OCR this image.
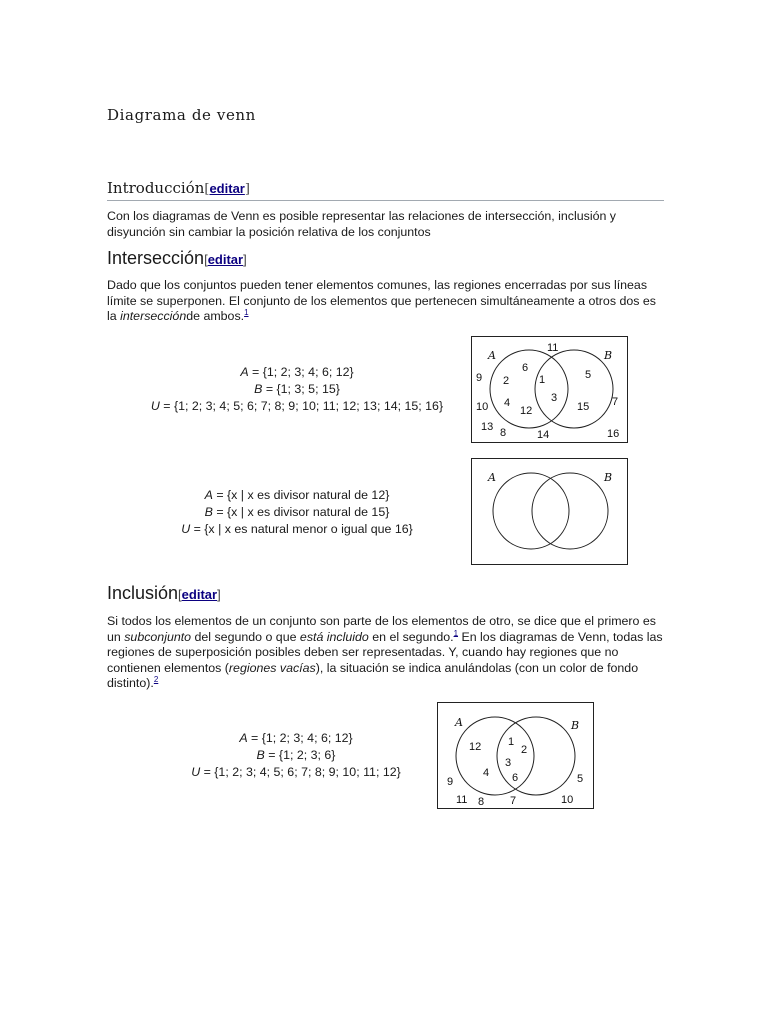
Diagrama de venn
Introducción[editar]
Con los diagramas de Venn es posible representar las relaciones de intersección, inclusión y disyunción sin cambiar la posición relativa de los conjuntos
Intersección[editar]
Dado que los conjuntos pueden tener elementos comunes, las regiones encerradas por sus líneas límite se superponen. El conjunto de los elementos que pertenecen simultáneamente a otros dos es la intersecciónde ambos.$^1$
A = {1; 2; 3; 4; 6; 12}
B = {1; 3; 5; 15}
U = {1; 2; 3; 4; 5; 6; 7; 8; 9; 10; 11; 12; 13; 14; 15; 16}
A	B
11
6
9 2	1	5
4	3
10	12	15 7
13 8	14	16
A = {x | x es divisor natural de 12}
B = {x | x es divisor natural de 15}
U = {x | x es natural menor o igual que 16}
A	B
Inclusión[editar]
Si todos los elementos de un conjunto son parte de los elementos de otro, se dice que el primero es un subconjunto del segundo o que está incluido en el segundo.$^1$ En los diagramas de Venn, todas las regiones de superposición posibles deben ser representadas. Y, cuando hay regiones que no contienen elementos (regiones vacías), la situación se indica anulándolas (con un color de fondo distinto).$^2$
A = {1; 2; 3; 4; 6; 12}
B = {1; 2; 3; 6}
U = {1; 2; 3; 4; 5; 6; 7; 8; 9; 10; 11; 12}
A	B
12 1
2
3
4 6
9	5
11 8 7	10
